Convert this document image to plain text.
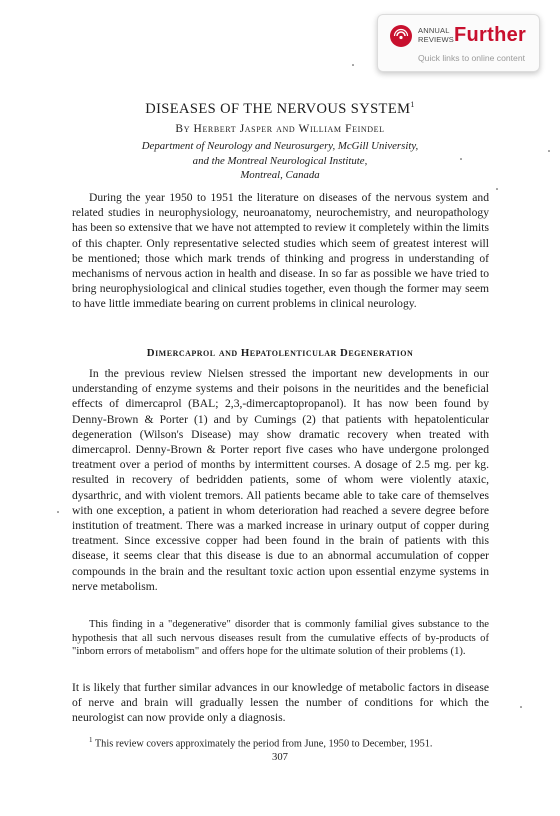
ANNUAL
REVIEWS Further
Quick links to online content
DISEASES OF THE NERVOUS SYSTEM$^1$
By Herbert Jasper and William Feindel
Department of Neurology and Neurosurgery, McGill University,
and the Montreal Neurological Institute,
Montreal, Canada

During the year 1950 to 1951 the literature on diseases of the nervous system and related studies in neurophysiology, neuroanatomy, neurochemistry, and neuropathology has been so extensive that we have not attempted to review it completely within the limits of this chapter. Only representative selected studies which seem of greatest interest will be mentioned; those which mark trends of thinking and progress in understanding of mechanisms of nervous action in health and disease. In so far as possible we have tried to bring neurophysiological and clinical studies together, even though the former may seem to have little immediate bearing on current problems in clinical neurology.

Dimercaprol and Hepatolenticular Degeneration

In the previous review Nielsen stressed the important new developments in our understanding of enzyme systems and their poisons in the neuritides and the beneficial effects of dimercaprol (BAL; 2,3,-dimercaptopropanol). It has now been found by Denny-Brown & Porter (1) and by Cumings (2) that patients with hepatolenticular degeneration (Wilson's Disease) may show dramatic recovery when treated with dimercaprol. Denny-Brown & Porter report five cases who have undergone prolonged treatment over a period of months by intermittent courses. A dosage of 2.5 mg. per kg. resulted in recovery of bedridden patients, some of whom were violently ataxic, dysarthric, and with violent tremors. All patients became able to take care of themselves with one exception, a patient in whom deterioration had reached a severe degree before institution of treatment. There was a marked increase in urinary output of copper during treatment. Since excessive copper had been found in the brain of patients with this disease, it seems clear that this disease is due to an abnormal accumulation of copper compounds in the brain and the resultant toxic action upon essential enzyme systems in nerve metabolism.

This finding in a "degenerative" disorder that is commonly familial gives substance to the hypothesis that all such nervous diseases result from the cumulative effects of by-products of "inborn errors of metabolism" and offers hope for the ultimate solution of their problems (1).

It is likely that further similar advances in our knowledge of metabolic factors in disease of nerve and brain will gradually lessen the number of conditions for which the neurologist can now provide only a diagnosis.

$^1$ This review covers approximately the period from June, 1950 to December, 1951.

307
